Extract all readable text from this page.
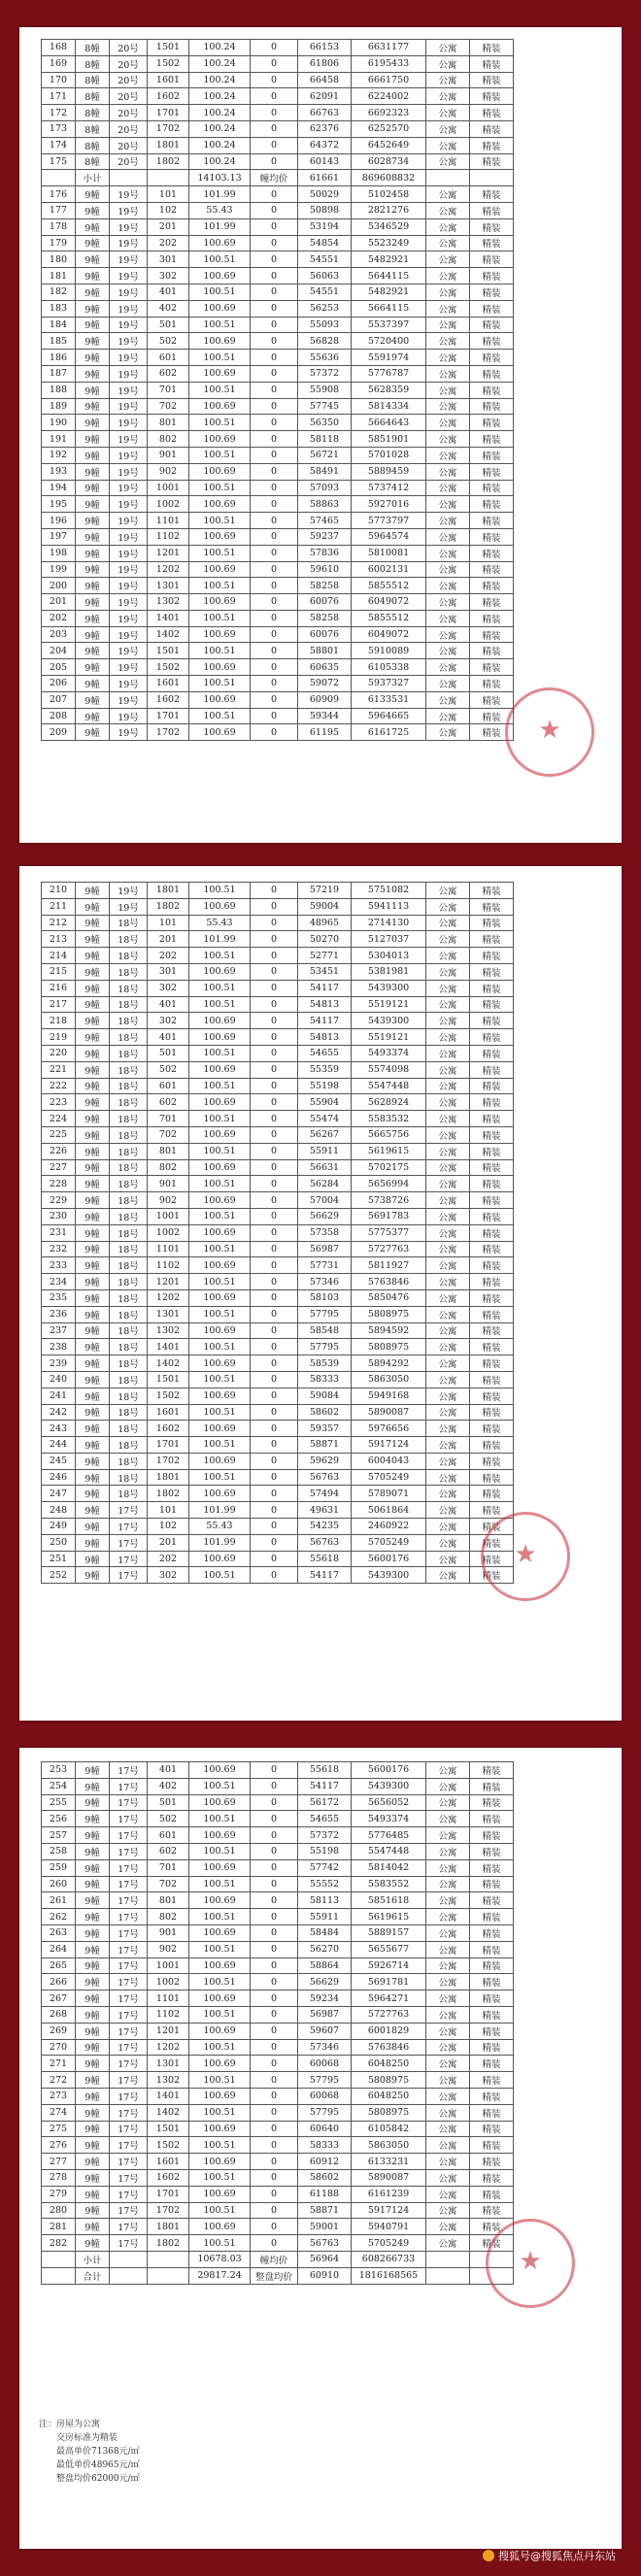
168	8幢	20号	1501	100.24	0	66153	6631177	公寓	精装
169	8幢	20号	1502	100.24	0	61806	6195433	公寓	精装
170	8幢	20号	1601	100.24	0	66458	6661750	公寓	精装
171	8幢	20号	1602	100.24	0	62091	6224002	公寓	精装
172	8幢	20号	1701	100.24	0	66763	6692323	公寓	精装
173	8幢	20号	1702	100.24	0	62376	6252570	公寓	精装
174	8幢	20号	1801	100.24	0	64372	6452649	公寓	精装
175	8幢	20号	1802	100.24	0	60143	6028734	公寓	精装
	小计			14103.13	幢均价	61661	869608832		
176	9幢	19号	101	101.99	0	50029	5102458	公寓	精装
177	9幢	19号	102	55.43	0	50898	2821276	公寓	精装
178	9幢	19号	201	101.99	0	53194	5346529	公寓	精装
179	9幢	19号	202	100.69	0	54854	5523249	公寓	精装
180	9幢	19号	301	100.51	0	54551	5482921	公寓	精装
181	9幢	19号	302	100.69	0	56063	5644115	公寓	精装
182	9幢	19号	401	100.51	0	54551	5482921	公寓	精装
183	9幢	19号	402	100.69	0	56253	5664115	公寓	精装
184	9幢	19号	501	100.51	0	55093	5537397	公寓	精装
185	9幢	19号	502	100.69	0	56828	5720400	公寓	精装
186	9幢	19号	601	100.51	0	55636	5591974	公寓	精装
187	9幢	19号	602	100.69	0	57372	5776787	公寓	精装
188	9幢	19号	701	100.51	0	55908	5628359	公寓	精装
189	9幢	19号	702	100.69	0	57745	5814334	公寓	精装
190	9幢	19号	801	100.51	0	56350	5664643	公寓	精装
191	9幢	19号	802	100.69	0	58118	5851901	公寓	精装
192	9幢	19号	901	100.51	0	56721	5701028	公寓	精装
193	9幢	19号	902	100.69	0	58491	5889459	公寓	精装
194	9幢	19号	1001	100.51	0	57093	5737412	公寓	精装
195	9幢	19号	1002	100.69	0	58863	5927016	公寓	精装
196	9幢	19号	1101	100.51	0	57465	5773797	公寓	精装
197	9幢	19号	1102	100.69	0	59237	5964574	公寓	精装
198	9幢	19号	1201	100.51	0	57836	5810081	公寓	精装
199	9幢	19号	1202	100.69	0	59610	6002131	公寓	精装
200	9幢	19号	1301	100.51	0	58258	5855512	公寓	精装
201	9幢	19号	1302	100.69	0	60076	6049072	公寓	精装
202	9幢	19号	1401	100.51	0	58258	5855512	公寓	精装
203	9幢	19号	1402	100.69	0	60076	6049072	公寓	精装
204	9幢	19号	1501	100.51	0	58801	5910089	公寓	精装
205	9幢	19号	1502	100.69	0	60635	6105338	公寓	精装
206	9幢	19号	1601	100.51	0	59072	5937327	公寓	精装
207	9幢	19号	1602	100.69	0	60909	6133531	公寓	精装
208	9幢	19号	1701	100.51	0	59344	5964665	公寓	精装
209	9幢	19号	1702	100.69	0	61195	6161725	公寓	精装	★
210	9幢	19号	1801	100.51	0	57219	5751082	公寓	精装
211	9幢	19号	1802	100.69	0	59004	5941113	公寓	精装
212	9幢	18号	101	55.43	0	48965	2714130	公寓	精装
213	9幢	18号	201	101.99	0	50270	5127037	公寓	精装
214	9幢	18号	202	100.51	0	52771	5304013	公寓	精装
215	9幢	18号	301	100.69	0	53451	5381981	公寓	精装
216	9幢	18号	302	100.51	0	54117	5439300	公寓	精装
217	9幢	18号	401	100.51	0	54813	5519121	公寓	精装
218	9幢	18号	302	100.69	0	54117	5439300	公寓	精装
219	9幢	18号	401	100.69	0	54813	5519121	公寓	精装
220	9幢	18号	501	100.51	0	54655	5493374	公寓	精装
221	9幢	18号	502	100.69	0	55359	5574098	公寓	精装
222	9幢	18号	601	100.51	0	55198	5547448	公寓	精装
223	9幢	18号	602	100.69	0	55904	5628924	公寓	精装
224	9幢	18号	701	100.51	0	55474	5583532	公寓	精装
225	9幢	18号	702	100.69	0	56267	5665756	公寓	精装
226	9幢	18号	801	100.51	0	55911	5619615	公寓	精装
227	9幢	18号	802	100.69	0	56631	5702175	公寓	精装
228	9幢	18号	901	100.51	0	56284	5656994	公寓	精装
229	9幢	18号	902	100.69	0	57004	5738726	公寓	精装
230	9幢	18号	1001	100.51	0	56629	5691783	公寓	精装
231	9幢	18号	1002	100.69	0	57358	5775377	公寓	精装
232	9幢	18号	1101	100.51	0	56987	5727763	公寓	精装
233	9幢	18号	1102	100.69	0	57731	5811927	公寓	精装
234	9幢	18号	1201	100.51	0	57346	5763846	公寓	精装
235	9幢	18号	1202	100.69	0	58103	5850476	公寓	精装
236	9幢	18号	1301	100.51	0	57795	5808975	公寓	精装
237	9幢	18号	1302	100.69	0	58548	5894592	公寓	精装
238	9幢	18号	1401	100.51	0	57795	5808975	公寓	精装
239	9幢	18号	1402	100.69	0	58539	5894292	公寓	精装
240	9幢	18号	1501	100.51	0	58333	5863050	公寓	精装
241	9幢	18号	1502	100.69	0	59084	5949168	公寓	精装
242	9幢	18号	1601	100.51	0	58602	5890087	公寓	精装
243	9幢	18号	1602	100.69	0	59357	5976656	公寓	精装
244	9幢	18号	1701	100.51	0	58871	5917124	公寓	精装
245	9幢	18号	1702	100.69	0	59629	6004043	公寓	精装
246	9幢	18号	1801	100.51	0	56763	5705249	公寓	精装
247	9幢	18号	1802	100.69	0	57494	5789071	公寓	精装
248	9幢	17号	101	101.99	0	49631	5061864	公寓	精装
249	9幢	17号	102	55.43	0	54235	2460922	公寓	精装
250	9幢	17号	201	101.99	0	56763	5705249	公寓	精装
251	9幢	17号	202	100.69	0	55618	5600176	公寓	精装
252	9幢	17号	302	100.51	0	54117	5439300	公寓	精装
★
253	9幢	17号	401	100.69	0	55618	5600176	公寓	精装
254	9幢	17号	402	100.51	0	54117	5439300	公寓	精装
255	9幢	17号	501	100.69	0	56172	5656052	公寓	精装
256	9幢	17号	502	100.51	0	54655	5493374	公寓	精装
257	9幢	17号	601	100.69	0	57372	5776485	公寓	精装
258	9幢	17号	602	100.51	0	55198	5547448	公寓	精装
259	9幢	17号	701	100.69	0	57742	5814042	公寓	精装
260	9幢	17号	702	100.51	0	55552	5583552	公寓	精装
261	9幢	17号	801	100.69	0	58113	5851618	公寓	精装
262	9幢	17号	802	100.51	0	55911	5619615	公寓	精装
263	9幢	17号	901	100.69	0	58484	5889157	公寓	精装
264	9幢	17号	902	100.51	0	56270	5655677	公寓	精装
265	9幢	17号	1001	100.69	0	58864	5926714	公寓	精装
266	9幢	17号	1002	100.51	0	56629	5691781	公寓	精装
267	9幢	17号	1101	100.69	0	59234	5964271	公寓	精装
268	9幢	17号	1102	100.51	0	56987	5727763	公寓	精装
269	9幢	17号	1201	100.69	0	59607	6001829	公寓	精装
270	9幢	17号	1202	100.51	0	57346	5763846	公寓	精装
271	9幢	17号	1301	100.69	0	60068	6048250	公寓	精装
272	9幢	17号	1302	100.51	0	57795	5808975	公寓	精装
273	9幢	17号	1401	100.69	0	60068	6048250	公寓	精装
274	9幢	17号	1402	100.51	0	57795	5808975	公寓	精装
275	9幢	17号	1501	100.69	0	60640	6105842	公寓	精装
276	9幢	17号	1502	100.51	0	58333	5863050	公寓	精装
277	9幢	17号	1601	100.69	0	60912	6133231	公寓	精装
278	9幢	17号	1602	100.51	0	58602	5890087	公寓	精装
279	9幢	17号	1701	100.69	0	61188	6161239	公寓	精装
280	9幢	17号	1702	100.51	0	58871	5917124	公寓	精装
281	9幢	17号	1801	100.69	0	59001	5940791	公寓	精装
282	9幢	17号	1802	100.51	0	56763	5705249	公寓	精装
	小计			10678.03	幢均价	56964	608266733		
	合计			29817.24	整盘均价	60910	1816168565			★
注：房屋为公寓
交房标准为精装
最高单价71368元/㎡
最低单价48965元/㎡
整盘均价62000元/㎡
搜狐号@搜狐焦点丹东站
